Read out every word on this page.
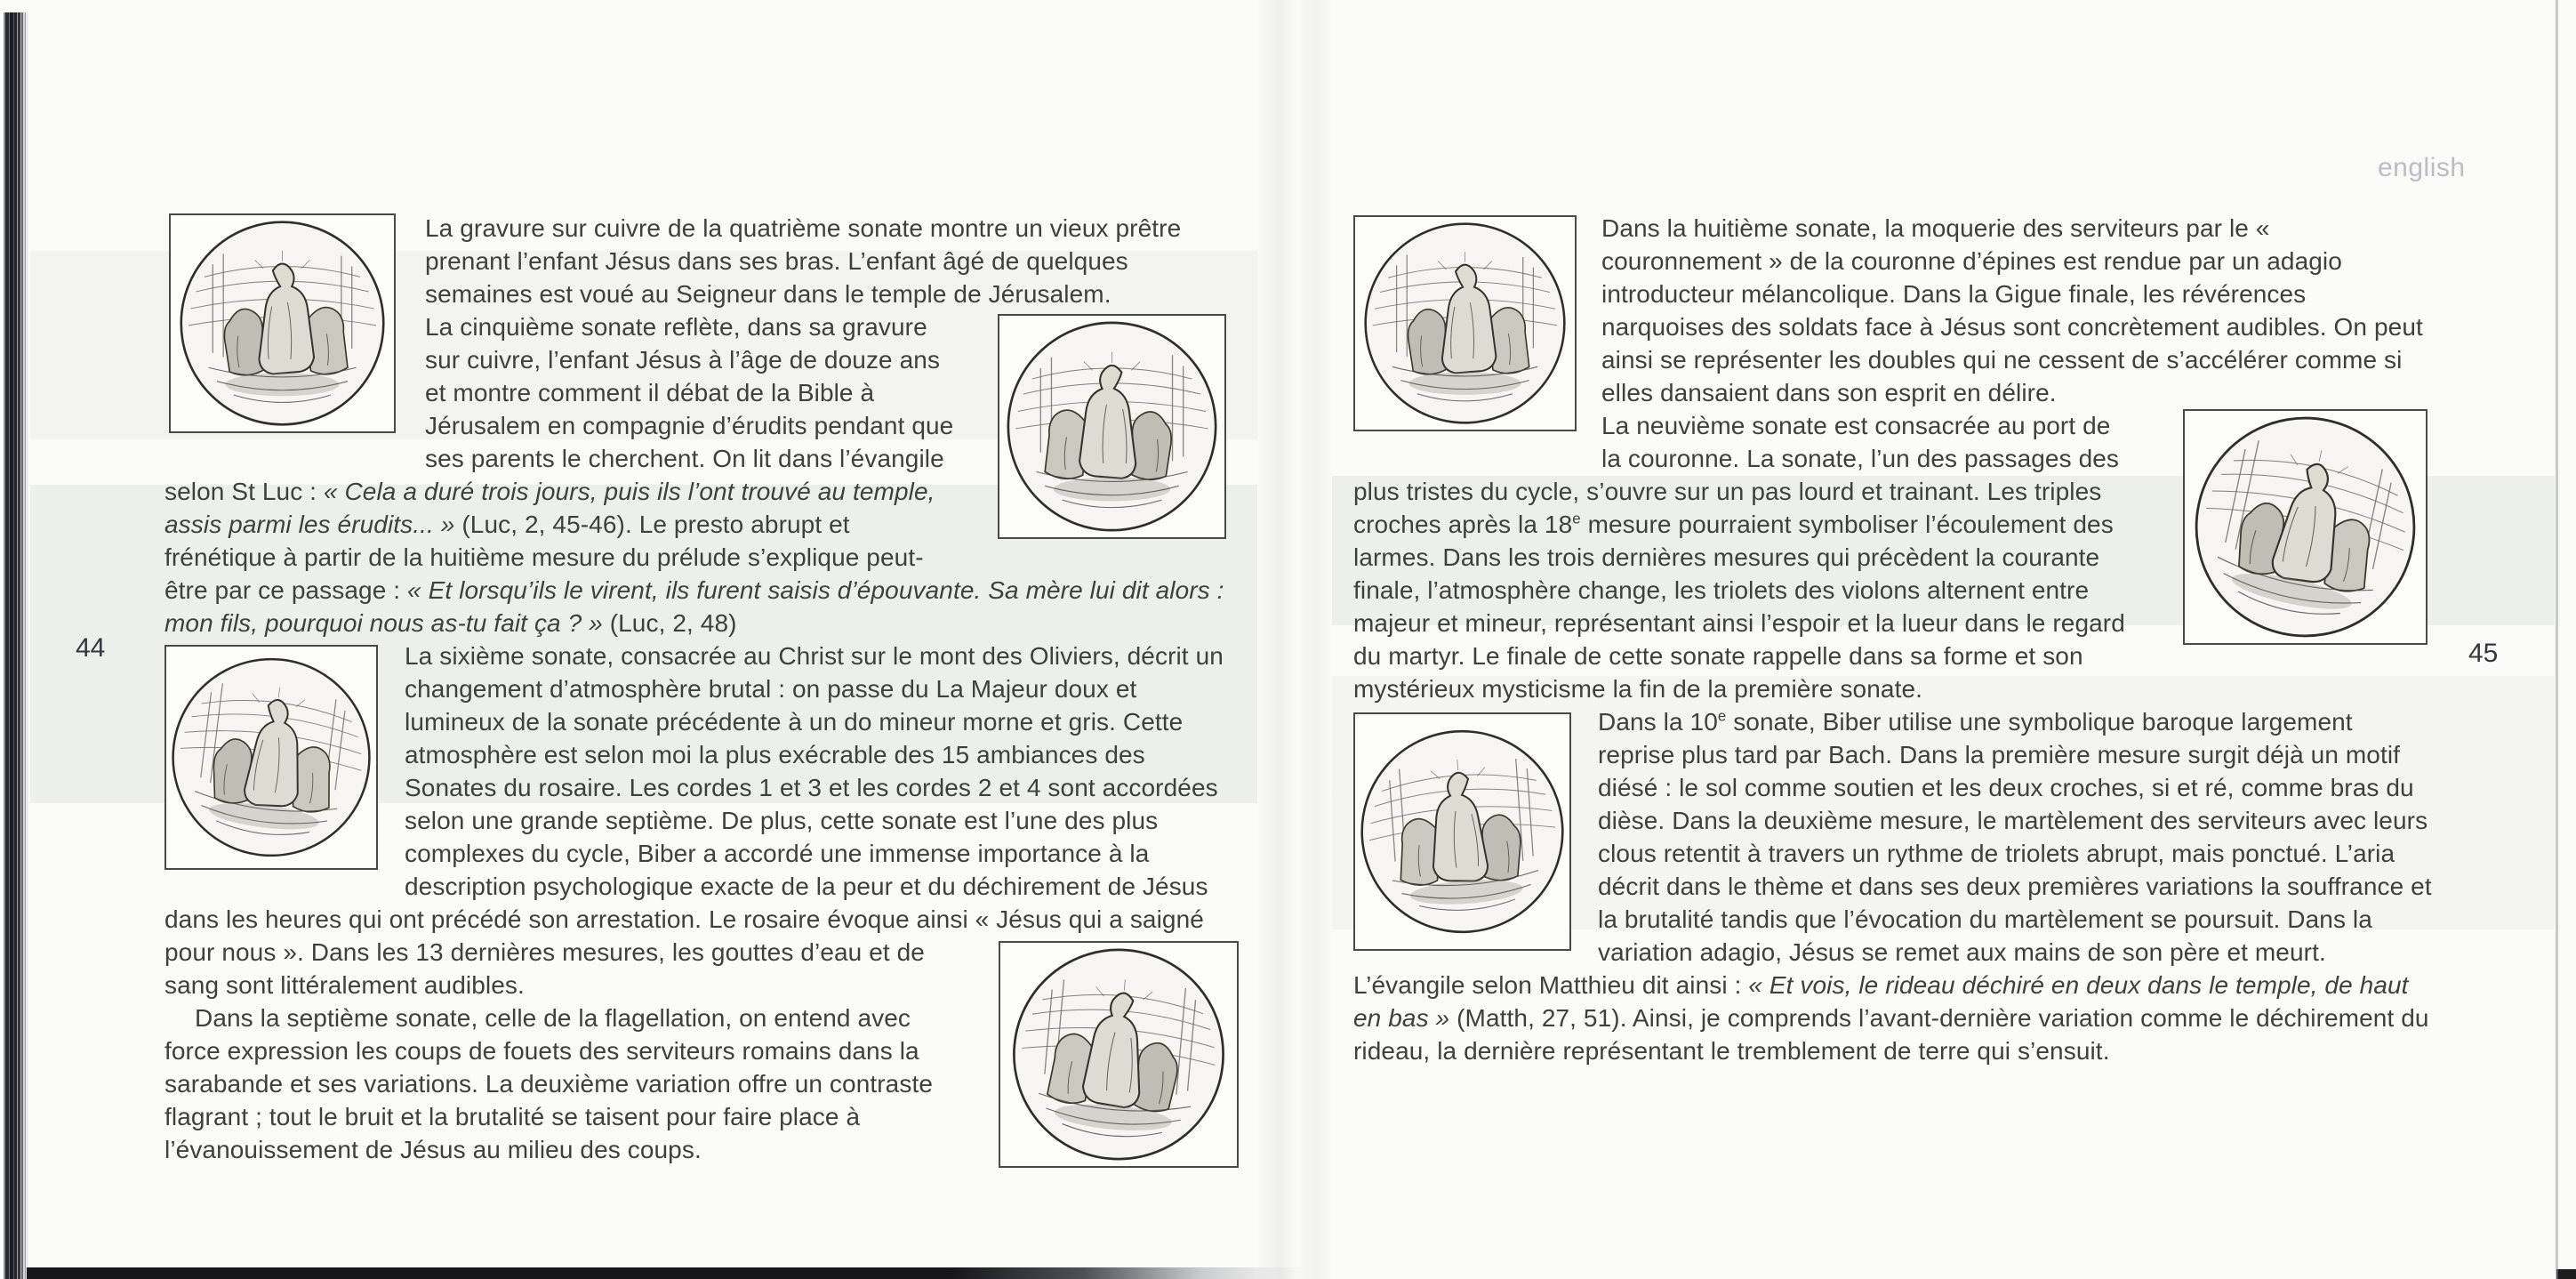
La gravure sur cuivre de la quatrième sonate montre un vieux prêtre prenant l’enfant Jésus dans ses bras. L’enfant âgé de quelques semaines est voué au Seigneur dans le temple de Jérusalem.

La cinquième sonate reflète, dans sa gravure sur cuivre, l’enfant Jésus à l’âge de douze ans et montre comment il débat de la Bible à Jérusalem en compagnie d’érudits pendant que ses parents le cherchent. On lit dans l’évangile selon St Luc : « Cela a duré trois jours, puis ils l’ont trouvé au temple, assis parmi les érudits... » (Luc, 2, 45-46). Le presto abrupt et frénétique à partir de la huitième mesure du prélude s’explique peut-être par ce passage : « Et lorsqu’ils le virent, ils furent saisis d’épouvante. Sa mère lui dit alors : mon fils, pourquoi nous as-tu fait ça ? » (Luc, 2, 48)

La sixième sonate, consacrée au Christ sur le mont des Oliviers, décrit un changement d’atmosphère brutal : on passe du La Majeur doux et lumineux de la sonate précédente à un do mineur morne et gris. Cette atmosphère est selon moi la plus exécrable des 15 ambiances des Sonates du rosaire. Les cordes 1 et 3 et les cordes 2 et 4 sont accordées selon une grande septième. De plus, cette sonate est l’une des plus complexes du cycle, Biber a accordé une immense importance à la description psychologique exacte de la peur et du déchirement de Jésus dans les heures qui ont précédé son arrestation. Le rosaire évoque ainsi « Jésus qui a
saigné pour nous ». Dans les 13 dernières mesures, les gouttes d’eau et de sang sont littéralement audibles.

Dans la septième sonate, celle de la flagellation, on entend avec force expression les coups de fouets des serviteurs romains dans la sarabande et ses variations. La deuxième variation offre un contraste flagrant ; tout le bruit et la brutalité se taisent pour faire place à l’évanouissement de Jésus au milieu des coups.

Dans la huitième sonate, la moquerie des serviteurs par le « couronnement » de la couronne d’épines est rendue par un adagio introducteur mélancolique. Dans la Gigue finale, les révérences narquoises des soldats face à Jésus sont concrètement audibles. On peut ainsi se représenter les doubles qui ne cessent de s’accélérer comme si elles dansaient dans son esprit en délire.

La neuvième sonate est consacrée au port de la couronne. La sonate, l’un des passages des plus tristes du cycle, s’ouvre sur un pas lourd et trainant. Les triples croches après la 18e mesure pourraient symboliser l’écoulement des larmes. Dans les trois dernières mesures qui précèdent la courante finale, l’atmosphère change, les triolets des violons alternent entre majeur et mineur, représentant ainsi l’espoir et la lueur dans le regard du martyr. Le finale de cette sonate rappelle dans sa forme et son mystérieux mysticisme la fin de la première sonate.

Dans la 10e sonate, Biber utilise une symbolique baroque largement reprise plus tard par Bach. Dans la première mesure surgit déjà un motif diésé : le sol comme soutien et les deux croches, si et ré, comme bras du dièse. Dans la deuxième mesure, le martèlement des serviteurs avec leurs clous retentit à travers un rythme de triolets abrupt, mais ponctué. L’aria décrit dans le thème et dans ses deux premières variations la souffrance et la brutalité tandis que l’évocation du martèlement se poursuit. Dans la variation adagio, Jésus se remet aux mains de son père et meurt. L’évangile selon Matthieu dit ainsi : « Et vois, le rideau déchiré en deux dans le temple, de haut en bas » (Matth, 27, 51). Ainsi, je comprends l’avant-dernière variation comme le déchirement du rideau, la dernière représentant le tremblement de terre qui s’ensuit.

44	45
english
